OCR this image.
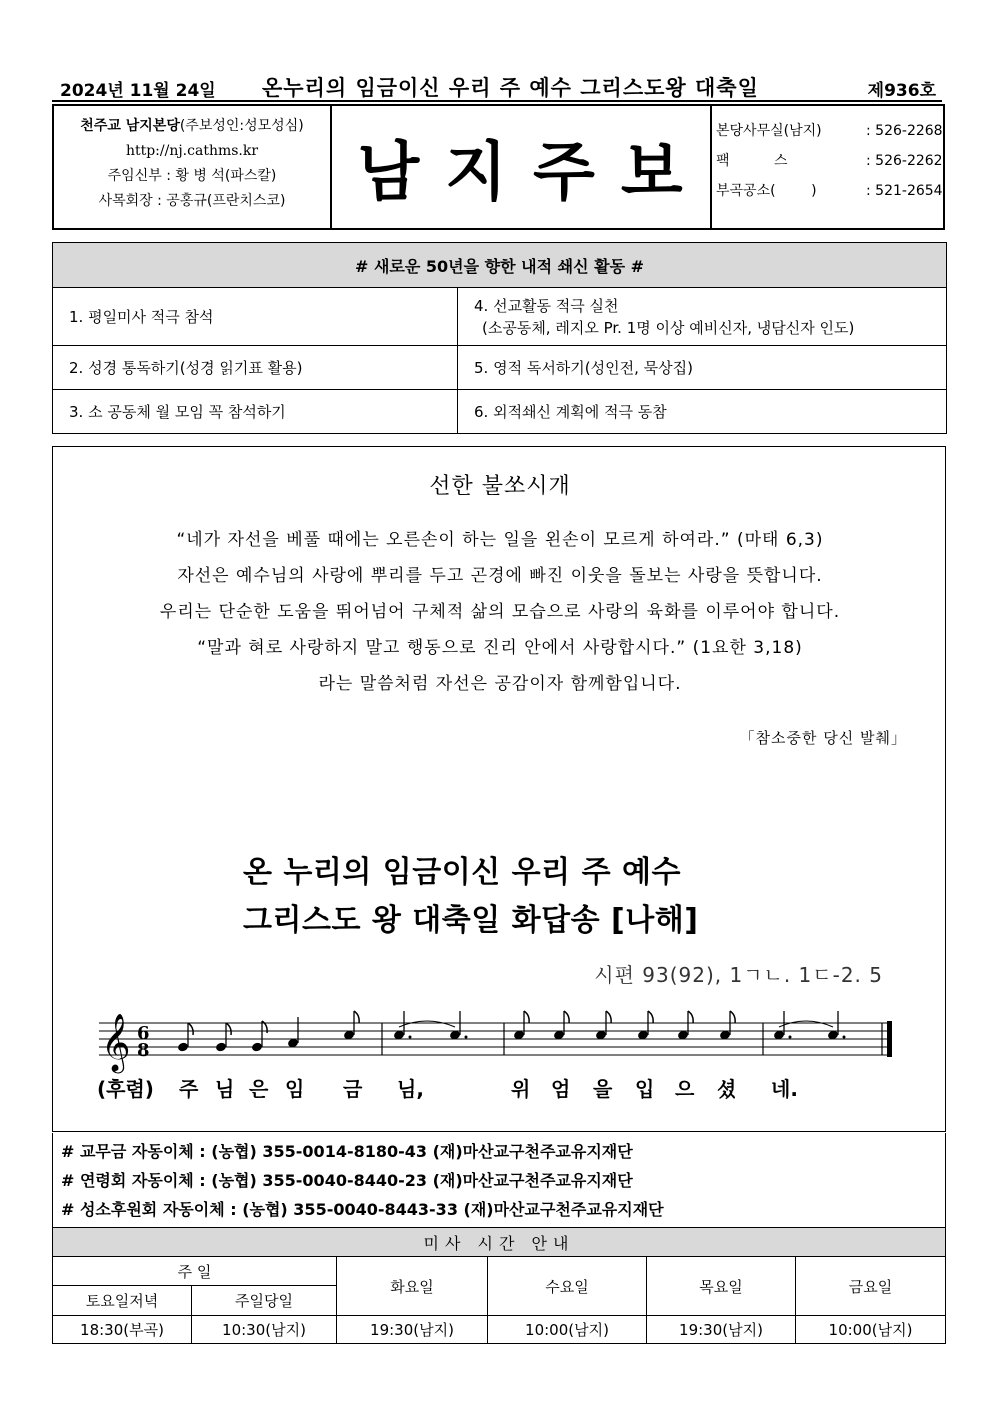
2024년 11월 24일 온누리의 임금이신 우리 주 예수 그리스도왕 대축일	제936호
천주교 남지본당(주보성인:성모성심)
http://nj.cathms.kr
주임신부 : 황 병 석(파스칼)
사목회장 : 공홍규(프란치스코)	남지주보
본당사무실(남지)	: 526-2268
팩          스	: 526-2262
부곡공소(        )	: 521-2654
# 새로운 50년을 향한 내적 쇄신 활동 #	
1. 평일미사 적극 참석	4. 선교활동 적극 실천
(소공동체, 레지오 Pr. 1명 이상 예비신자, 냉담신자 인도)

2. 성경 통독하기(성경 읽기표 활용)	5. 영적 독서하기(성인전, 묵상집)
3. 소 공동체 월 모임 꼭 참석하기	6. 외적쇄신 계획에 적극 동참
선한 불쏘시개
“네가 자선을 베풀 때에는 오른손이 하는 일을 왼손이 모르게 하여라.” (마태 6,3)
자선은 예수님의 사랑에 뿌리를 두고 곤경에 빠진 이웃을 돌보는 사랑을 뜻합니다.
우리는 단순한 도움을 뛰어넘어 구체적 삶의 모습으로 사랑의 육화를 이루어야 합니다.
“말과 혀로 사랑하지 말고 행동으로 진리 안에서 사랑합시다.” (1요한 3,18)
라는 말씀처럼 자선은 공감이자 함께함입니다.
「참소중한 당신 발췌」
온 누리의 임금이신 우리 주 예수
그리스도 왕 대축일 화답송 [나해]
시편 93(92), 1ㄱㄴ. 1ㄷ-2. 5
𝄞 6
8
(후렴) 주 님 은 임 금 님,	위 엄 을 입 으 셨 네.
# 교무금 자동이체 : (농협) 355-0014-8180-43 (재)마산교구천주교유지재단
# 연령회 자동이체 : (농협) 355-0040-8440-23 (재)마산교구천주교유지재단
# 성소후원회 자동이체 : (농협) 355-0040-8443-33 (재)마산교구천주교유지재단
미사 시간 안내					
주 일		화요일	수요일	목요일	금요일
토요일저녁	주일당일				
18:30(부곡)	10:30(남지)	19:30(남지)	10:00(남지)	19:30(남지)	10:00(남지)
